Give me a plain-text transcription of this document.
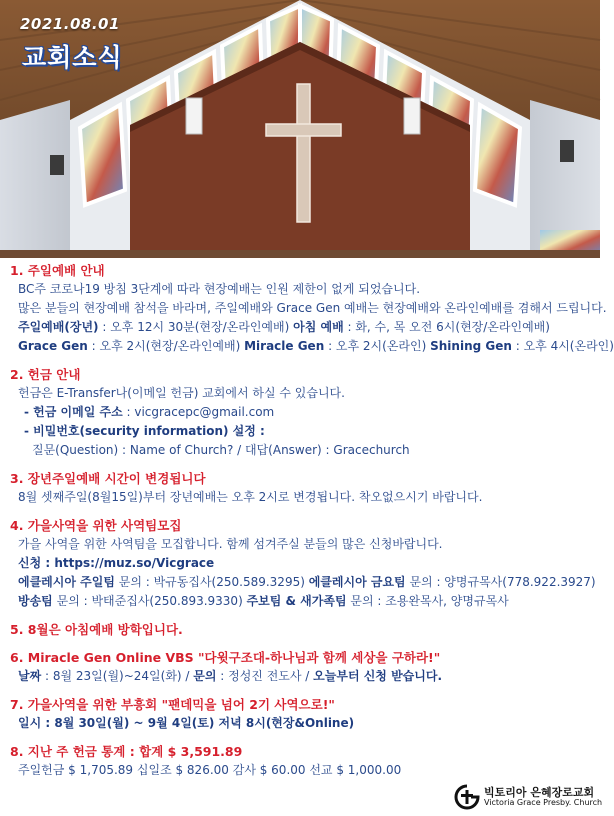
2021.08.01
교회소식
1. 주일예배 안내
BC주 코로나19 방침 3단계에 따라 현장예배는 인원 제한이 없게 되었습니다.
많은 분들의 현장예배 참석을 바라며, 주일예배와 Grace Gen 예배는 현장예배와 온라인예배를 겸해서 드립니다.
주일예배(장년) : 오후 12시 30분(현장/온라인예배) 아침 예배 : 화, 수, 목 오전 6시(현장/온라인예배)
Grace Gen : 오후 2시(현장/온라인예배) Miracle Gen : 오후 2시(온라인) Shining Gen : 오후 4시(온라인)
2. 헌금 안내
헌금은 E-Transfer나(이메일 헌금) 교회에서 하실 수 있습니다.
- 헌금 이메일 주소 : vicgracepc@gmail.com
- 비밀번호(security information) 설정 :
질문(Question) : Name of Church? / 대답(Answer) : Gracechurch
3. 장년주일예배 시간이 변경됩니다
8월 셋째주일(8월15일)부터 장년예배는 오후 2시로 변경됩니다. 착오없으시기 바랍니다.
4. 가을사역을 위한 사역팀모집
가을 사역을 위한 사역팀을 모집합니다. 함께 섬겨주실 분들의 많은 신청바랍니다.
신청 : https://muz.so/Vicgrace
에클레시아 주일팀 문의 : 박규동집사(250.589.3295) 에클레시아 금요팀 문의 : 양명규목사(778.922.3927)
방송팀 문의 : 박태준집사(250.893.9330) 주보팀 & 새가족팀 문의 : 조용완목사, 양명규목사
5. 8월은 아침예배 방학입니다.
6. Miracle Gen Online VBS "다윗구조대-하나님과 함께 세상을 구하라!"
날짜 : 8월 23일(월)~24일(화) / 문의 : 정성진 전도사 / 오늘부터 신청 받습니다.
7. 가을사역을 위한 부흥회 "팬데믹을 넘어 2기 사역으로!"
일시 : 8월 30일(월) ~ 9월 4일(토) 저녁 8시(현장&Online)
8. 지난 주 헌금 통계 : 합계 $ 3,591.89
주일헌금 $ 1,705.89 십일조 $ 826.00 감사 $ 60.00 선교 $ 1,000.00
빅토리아 은혜장로교회
Victoria Grace Presby. Church
